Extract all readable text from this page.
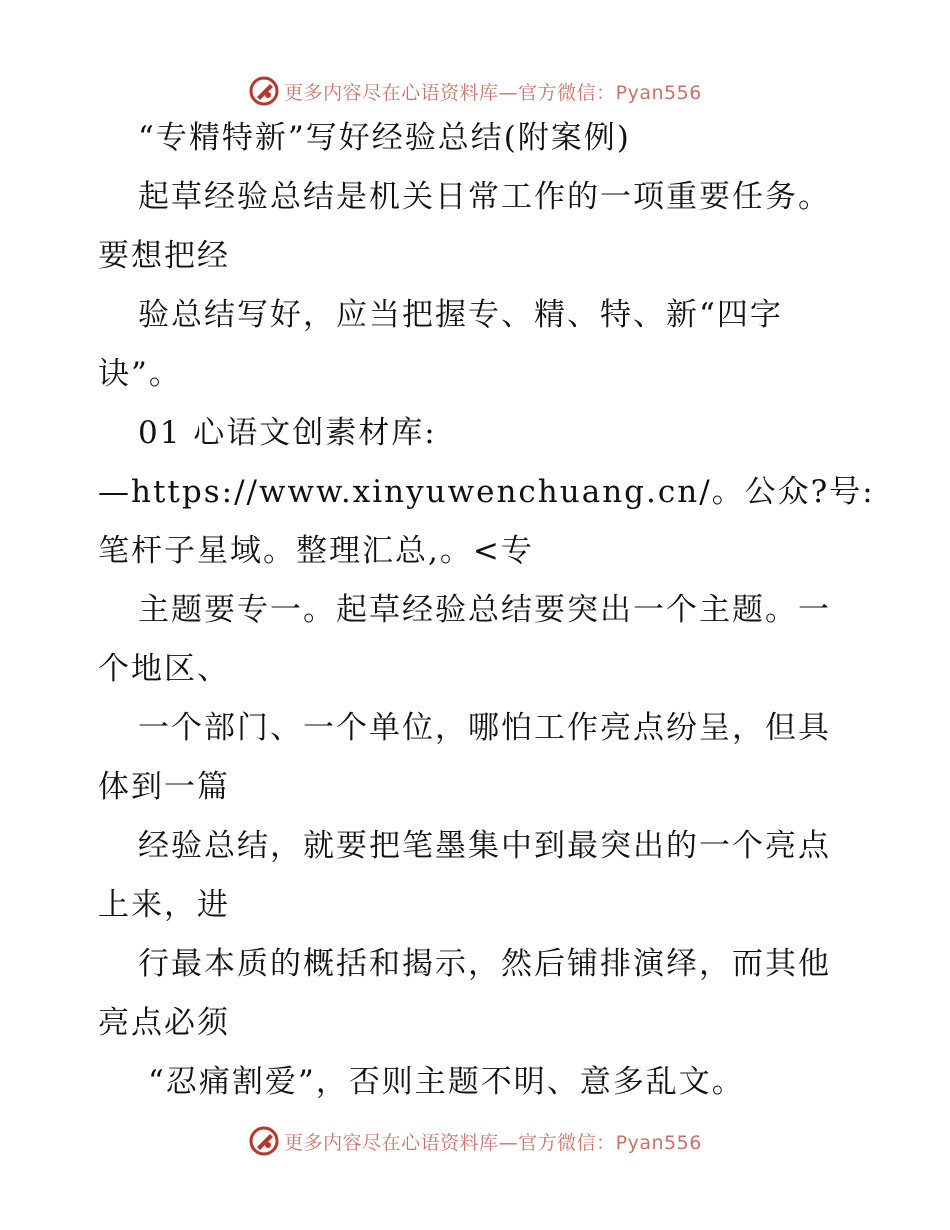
更多内容尽在心语资料库—官方微信：Pyan556
“专精特新”写好经验总结(附案例)
起草经验总结是机关日常工作的一项重要任务。
要想把经
验总结写好，应当把握专、精、特、新“四字
诀”。
01 心语文创素材库:
—https://www.xinyuwenchuang.cn/。公众?号:
笔杆子星域。整理汇总,。<专
主题要专一。起草经验总结要突出一个主题。一
个地区、
一个部门、一个单位，哪怕工作亮点纷呈，但具
体到一篇
经验总结，就要把笔墨集中到最突出的一个亮点
上来，进
行最本质的概括和揭示，然后铺排演绎，而其他
亮点必须
“忍痛割爱”，否则主题不明、意多乱文。
更多内容尽在心语资料库—官方微信：Pyan556
